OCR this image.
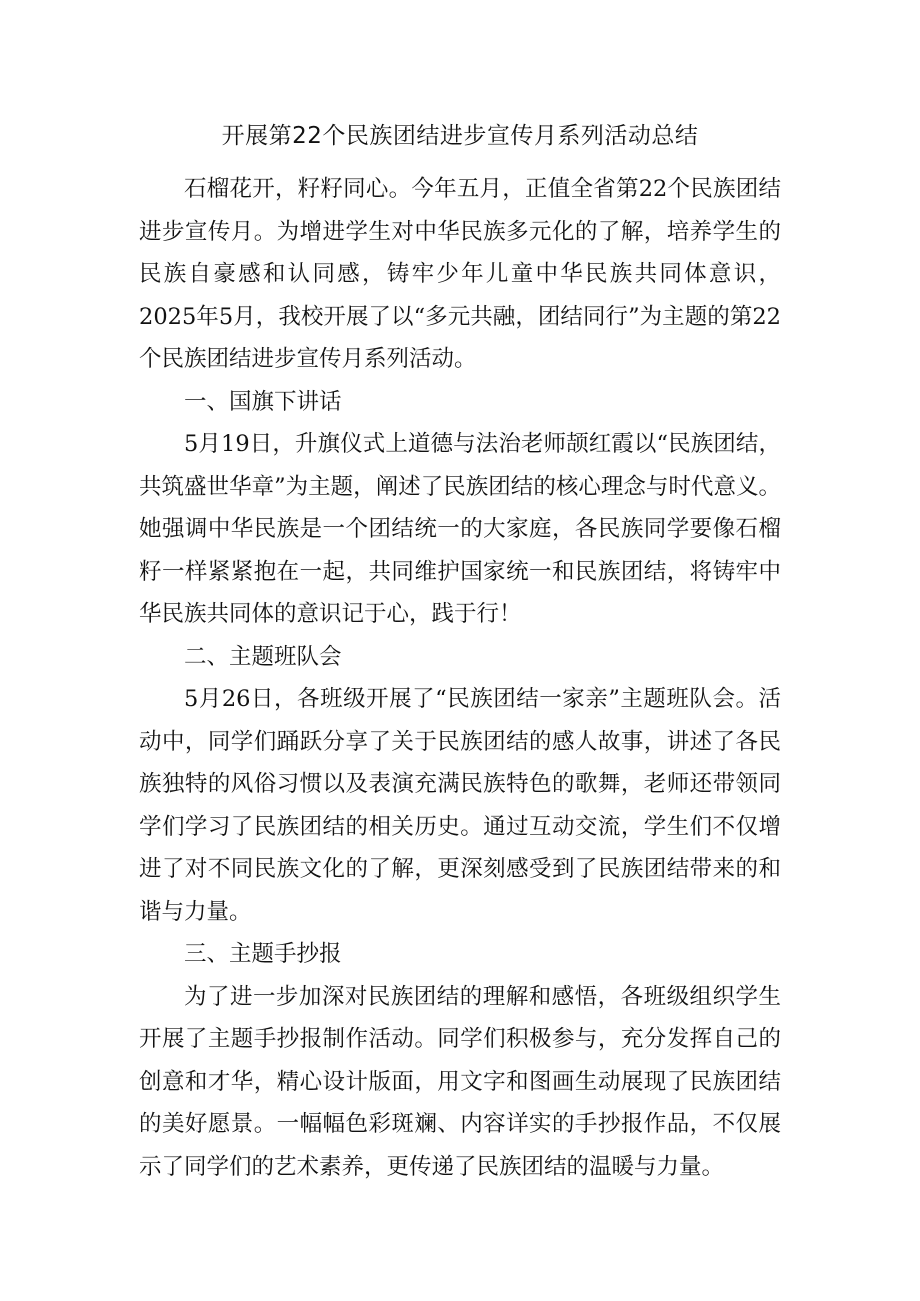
开展第22个民族团结进步宣传月系列活动总结

石榴花开，籽籽同心。今年五月，正值全省第22个民族团结进步宣传月。为增进学生对中华民族多元化的了解，培养学生的民族自豪感和认同感，铸牢少年儿童中华民族共同体意识，2025年5月，我校开展了以“多元共融，团结同行”为主题的第22个民族团结进步宣传月系列活动。

一、国旗下讲话

5月19日，升旗仪式上道德与法治老师颉红霞以“民族团结，共筑盛世华章”为主题，阐述了民族团结的核心理念与时代意义。她强调中华民族是一个团结统一的大家庭，各民族同学要像石榴籽一样紧紧抱在一起，共同维护国家统一和民族团结，将铸牢中华民族共同体的意识记于心，践于行！

二、主题班队会

5月26日，各班级开展了“民族团结一家亲”主题班队会。活动中，同学们踊跃分享了关于民族团结的感人故事，讲述了各民族独特的风俗习惯以及表演充满民族特色的歌舞，老师还带领同学们学习了民族团结的相关历史。通过互动交流，学生们不仅增进了对不同民族文化的了解，更深刻感受到了民族团结带来的和谐与力量。

三、主题手抄报

为了进一步加深对民族团结的理解和感悟，各班级组织学生开展了主题手抄报制作活动。同学们积极参与，充分发挥自己的创意和才华，精心设计版面，用文字和图画生动展现了民族团结的美好愿景。一幅幅色彩斑斓、内容详实的手抄报作品，不仅展示了同学们的艺术素养，更传递了民族团结的温暖与力量。
